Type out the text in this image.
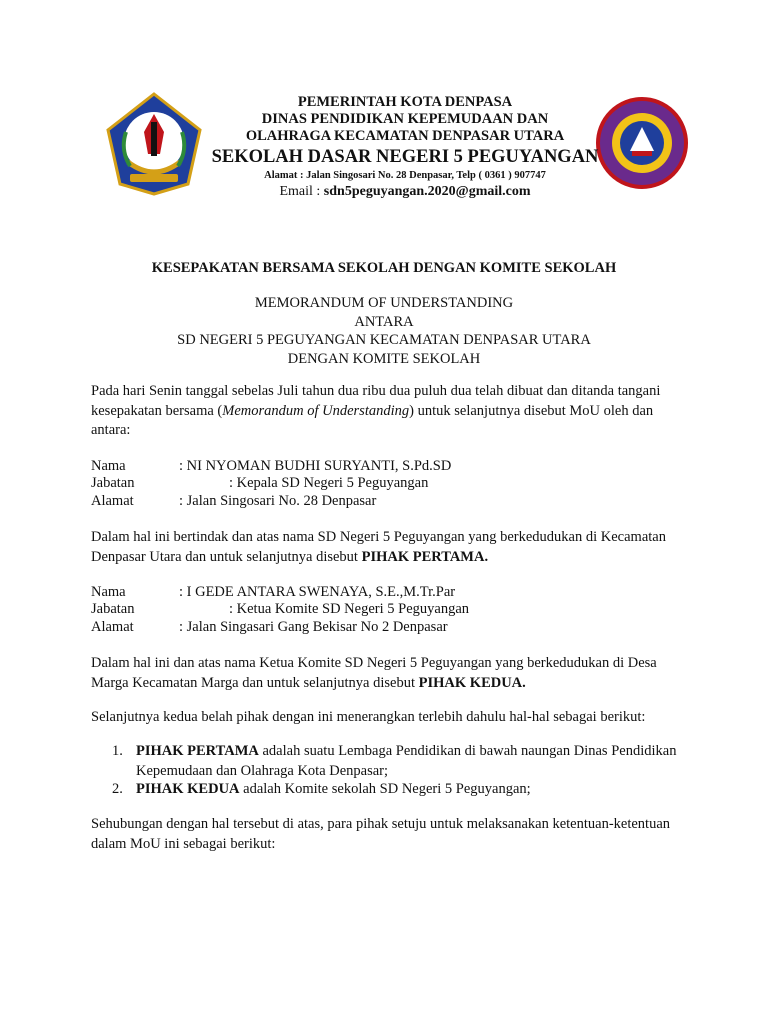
PEMERINTAH KOTA DENPASA
DINAS PENDIDIKAN KEPEMUDAAN DAN
OLAHRAGA KECAMATAN DENPASAR UTARA
SEKOLAH DASAR NEGERI 5 PEGUYANGAN
Alamat : Jalan Singosari No. 28 Denpasar, Telp ( 0361 ) 907747
Email : sdn5peguyangan.2020@gmail.com
KESEPAKATAN BERSAMA SEKOLAH DENGAN KOMITE SEKOLAH
MEMORANDUM OF UNDERSTANDING
ANTARA
SD NEGERI 5 PEGUYANGAN KECAMATAN DENPASAR UTARA
DENGAN KOMITE SEKOLAH
Pada hari Senin tanggal sebelas Juli tahun dua ribu dua puluh dua telah dibuat dan ditanda tangani kesepakatan bersama (Memorandum of Understanding) untuk selanjutnya disebut MoU oleh dan antara:
Nama	: NI NYOMAN BUDHI SURYANTI, S.Pd.SD
Jabatan	: Kepala SD Negeri 5 Peguyangan
Alamat	: Jalan Singosari No. 28 Denpasar
Dalam hal ini bertindak dan atas nama SD Negeri 5 Peguyangan yang berkedudukan di Kecamatan Denpasar Utara dan untuk selanjutnya disebut PIHAK PERTAMA.
Nama	: I GEDE ANTARA SWENAYA, S.E.,M.Tr.Par
Jabatan	: Ketua Komite SD Negeri 5 Peguyangan
Alamat	: Jalan Singasari Gang Bekisar No 2 Denpasar
Dalam hal ini dan atas nama Ketua Komite SD Negeri 5 Peguyangan yang berkedudukan di Desa Marga Kecamatan Marga dan untuk selanjutnya disebut PIHAK KEDUA.
Selanjutnya kedua belah pihak dengan ini menerangkan terlebih dahulu hal-hal sebagai berikut:
1. PIHAK PERTAMA adalah suatu Lembaga Pendidikan di bawah naungan Dinas Pendidikan Kepemudaan dan Olahraga Kota Denpasar;
2. PIHAK KEDUA adalah Komite sekolah SD Negeri 5 Peguyangan;
Sehubungan dengan hal tersebut di atas, para pihak setuju untuk melaksanakan ketentuan-ketentuan dalam MoU ini sebagai berikut:
